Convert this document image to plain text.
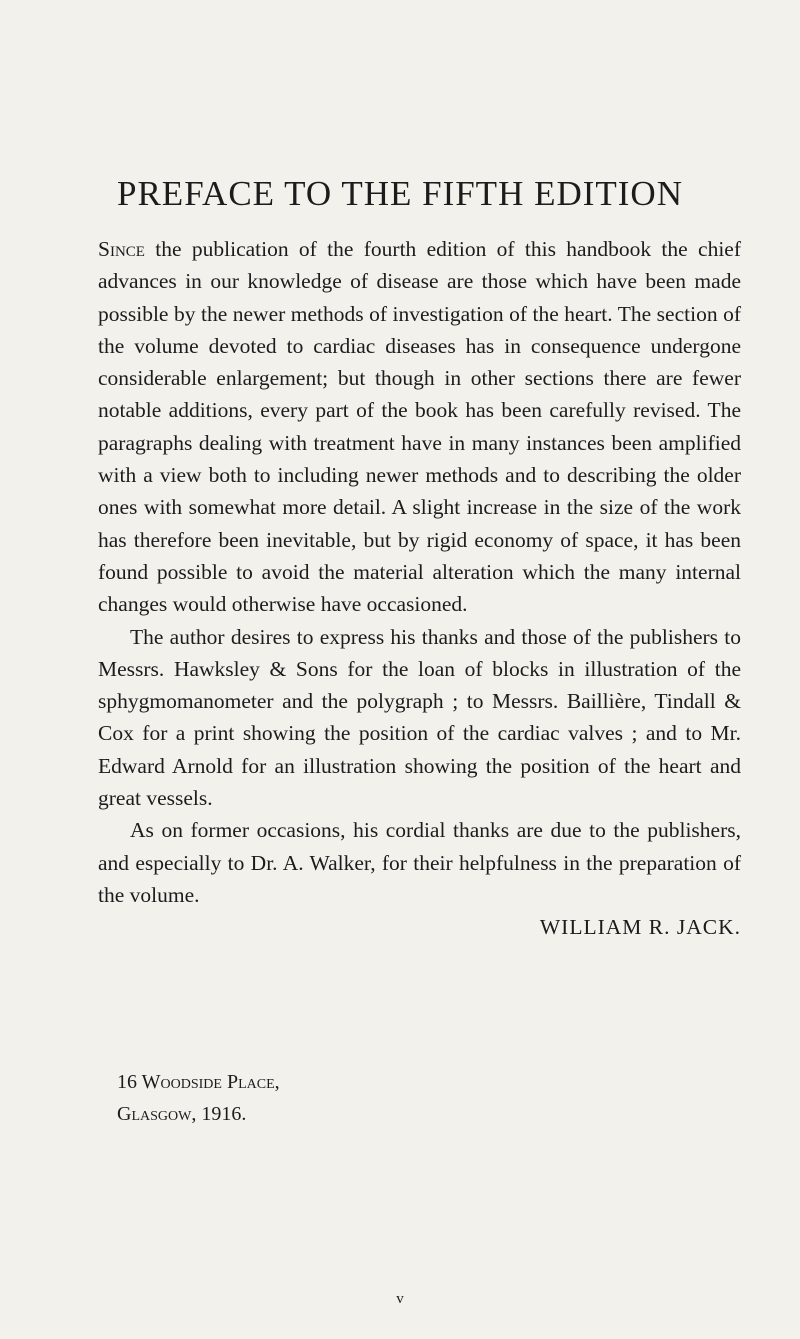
PREFACE TO THE FIFTH EDITION

Since the publication of the fourth edition of this handbook the chief advances in our knowledge of disease are those which have been made possible by the newer methods of investigation of the heart. The section of the volume devoted to cardiac diseases has in consequence undergone considerable enlargement; but though in other sections there are fewer notable additions, every part of the book has been carefully revised. The paragraphs dealing with treatment have in many instances been amplified with a view both to including newer methods and to describing the older ones with somewhat more detail. A slight increase in the size of the work has therefore been inevitable, but by rigid economy of space, it has been found possible to avoid the material alteration which the many internal changes would otherwise have occasioned.

The author desires to express his thanks and those of the publishers to Messrs. Hawksley & Sons for the loan of blocks in illustration of the sphygmomanometer and the polygraph ; to Messrs. Baillière, Tindall & Cox for a print showing the position of the cardiac valves ; and to Mr. Edward Arnold for an illustration showing the position of the heart and great vessels.

As on former occasions, his cordial thanks are due to the publishers, and especially to Dr. A. Walker, for their helpfulness in the preparation of the volume.

WILLIAM R. JACK.

16 Woodside Place,
Glasgow, 1916.
v
